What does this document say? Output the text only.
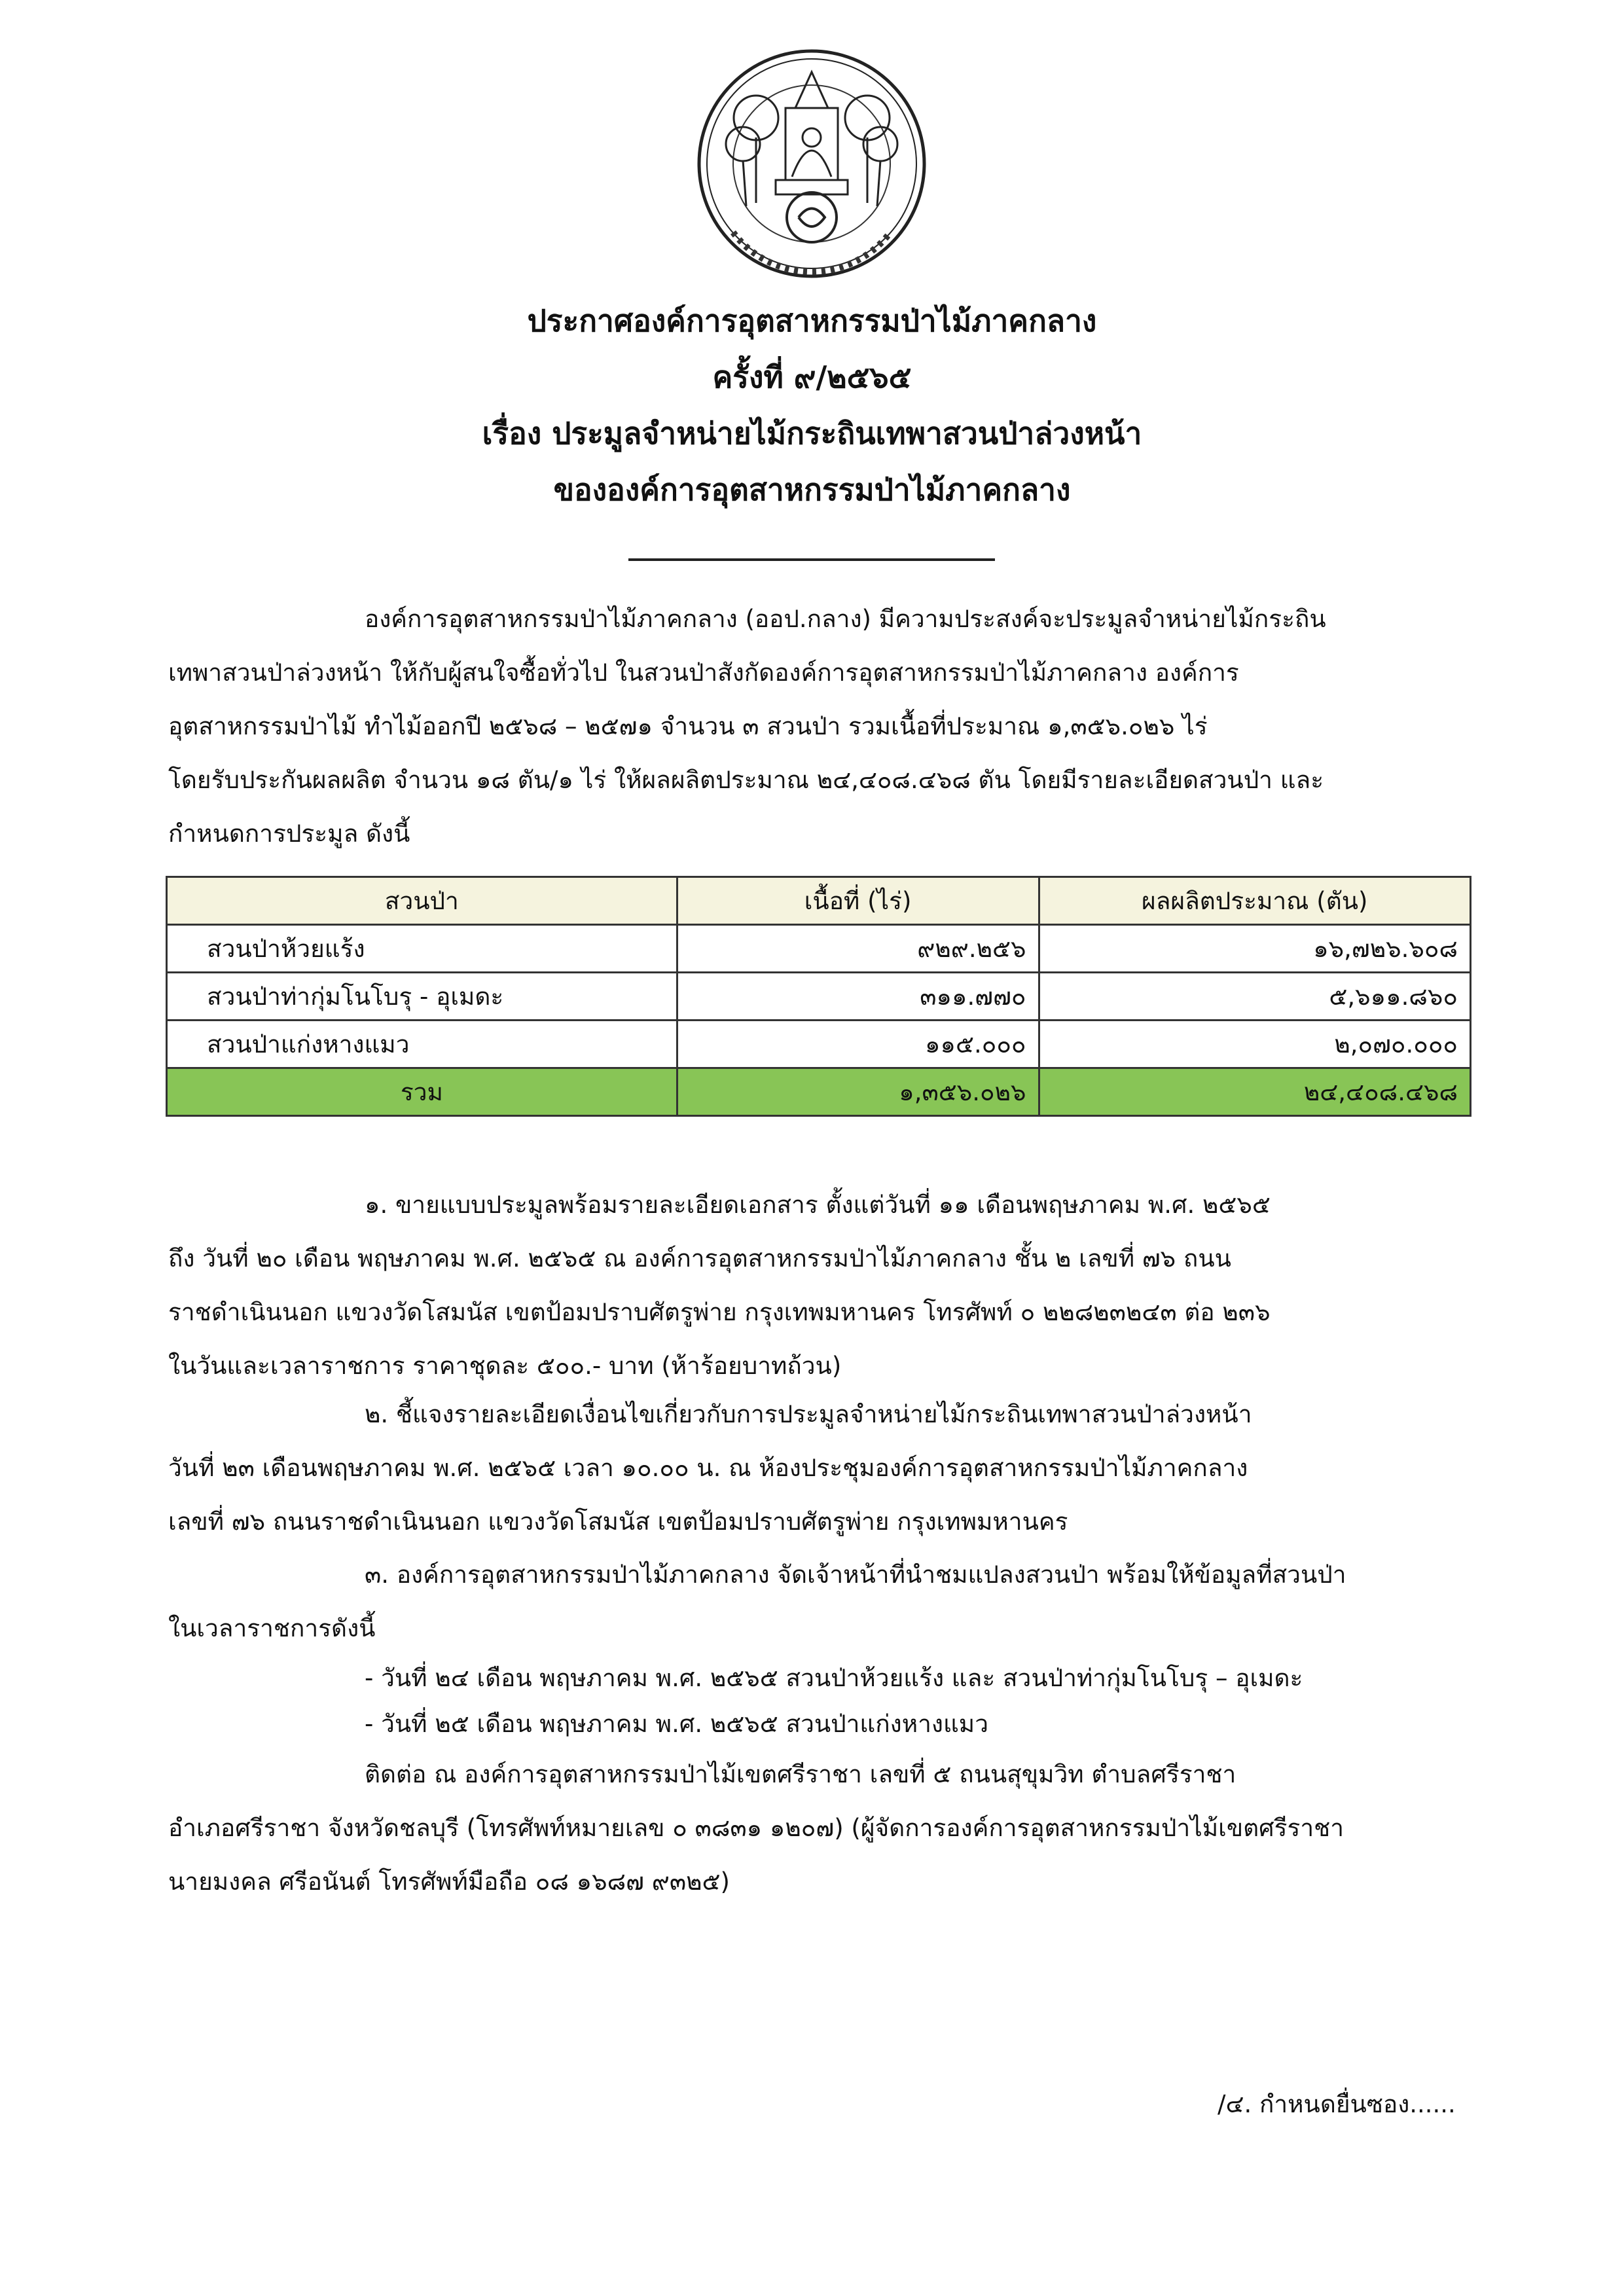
ประกาศองค์การอุตสาหกรรมป่าไม้ภาคกลาง
ครั้งที่ ๙/๒๕๖๕
เรื่อง ประมูลจำหน่ายไม้กระถินเทพาสวนป่าล่วงหน้า
ขององค์การอุตสาหกรรมป่าไม้ภาคกลาง
องค์การอุตสาหกรรมป่าไม้ภาคกลาง (ออป.กลาง) มีความประสงค์จะประมูลจำหน่ายไม้กระถิน
เทพาสวนป่าล่วงหน้า ให้กับผู้สนใจซื้อทั่วไป ในสวนป่าสังกัดองค์การอุตสาหกรรมป่าไม้ภาคกลาง องค์การ
อุตสาหกรรมป่าไม้ ทำไม้ออกปี ๒๕๖๘ – ๒๕๗๑ จำนวน ๓ สวนป่า รวมเนื้อที่ประมาณ ๑,๓๕๖.๐๒๖ ไร่
โดยรับประกันผลผลิต จำนวน ๑๘ ตัน/๑ ไร่ ให้ผลผลิตประมาณ ๒๔,๔๐๘.๔๖๘ ตัน โดยมีรายละเอียดสวนป่า และ
กำหนดการประมูล ดังนี้
สวนป่า	เนื้อที่ (ไร่)	ผลผลิตประมาณ (ตัน)
สวนป่าห้วยแร้ง	๙๒๙.๒๕๖	๑๖,๗๒๖.๖๐๘
สวนป่าท่ากุ่มโนโบรุ - อุเมดะ	๓๑๑.๗๗๐	๕,๖๑๑.๘๖๐
สวนป่าแก่งหางแมว	๑๑๕.๐๐๐	๒,๐๗๐.๐๐๐
รวม	๑,๓๕๖.๐๒๖	๒๔,๔๐๘.๔๖๘
๑. ขายแบบประมูลพร้อมรายละเอียดเอกสาร ตั้งแต่วันที่ ๑๑ เดือนพฤษภาคม พ.ศ. ๒๕๖๕
ถึง วันที่ ๒๐ เดือน พฤษภาคม พ.ศ. ๒๕๖๕ ณ องค์การอุตสาหกรรมป่าไม้ภาคกลาง ชั้น ๒ เลขที่ ๗๖ ถนน
ราชดำเนินนอก แขวงวัดโสมนัส เขตป้อมปราบศัตรูพ่าย กรุงเทพมหานคร โทรศัพท์ ๐ ๒๒๘๒๓๒๔๓ ต่อ ๒๓๖
ในวันและเวลาราชการ ราคาชุดละ ๕๐๐.- บาท (ห้าร้อยบาทถ้วน)
๒. ชี้แจงรายละเอียดเงื่อนไขเกี่ยวกับการประมูลจำหน่ายไม้กระถินเทพาสวนป่าล่วงหน้า
วันที่ ๒๓ เดือนพฤษภาคม พ.ศ. ๒๕๖๕ เวลา ๑๐.๐๐ น. ณ ห้องประชุมองค์การอุตสาหกรรมป่าไม้ภาคกลาง
เลขที่ ๗๖ ถนนราชดำเนินนอก แขวงวัดโสมนัส เขตป้อมปราบศัตรูพ่าย กรุงเทพมหานคร
๓. องค์การอุตสาหกรรมป่าไม้ภาคกลาง จัดเจ้าหน้าที่นำชมแปลงสวนป่า พร้อมให้ข้อมูลที่สวนป่า
ในเวลาราชการดังนี้
- วันที่ ๒๔ เดือน พฤษภาคม พ.ศ. ๒๕๖๕ สวนป่าห้วยแร้ง และ สวนป่าท่ากุ่มโนโบรุ – อุเมดะ
- วันที่ ๒๕ เดือน พฤษภาคม พ.ศ. ๒๕๖๕ สวนป่าแก่งหางแมว
ติดต่อ ณ องค์การอุตสาหกรรมป่าไม้เขตศรีราชา เลขที่ ๕ ถนนสุขุมวิท ตำบลศรีราชา
อำเภอศรีราชา จังหวัดชลบุรี (โทรศัพท์หมายเลข ๐ ๓๘๓๑ ๑๒๐๗) (ผู้จัดการองค์การอุตสาหกรรมป่าไม้เขตศรีราชา
นายมงคล ศรีอนันต์ โทรศัพท์มือถือ ๐๘ ๑๖๘๗ ๙๓๒๕)
/๔. กำหนดยื่นซอง......
